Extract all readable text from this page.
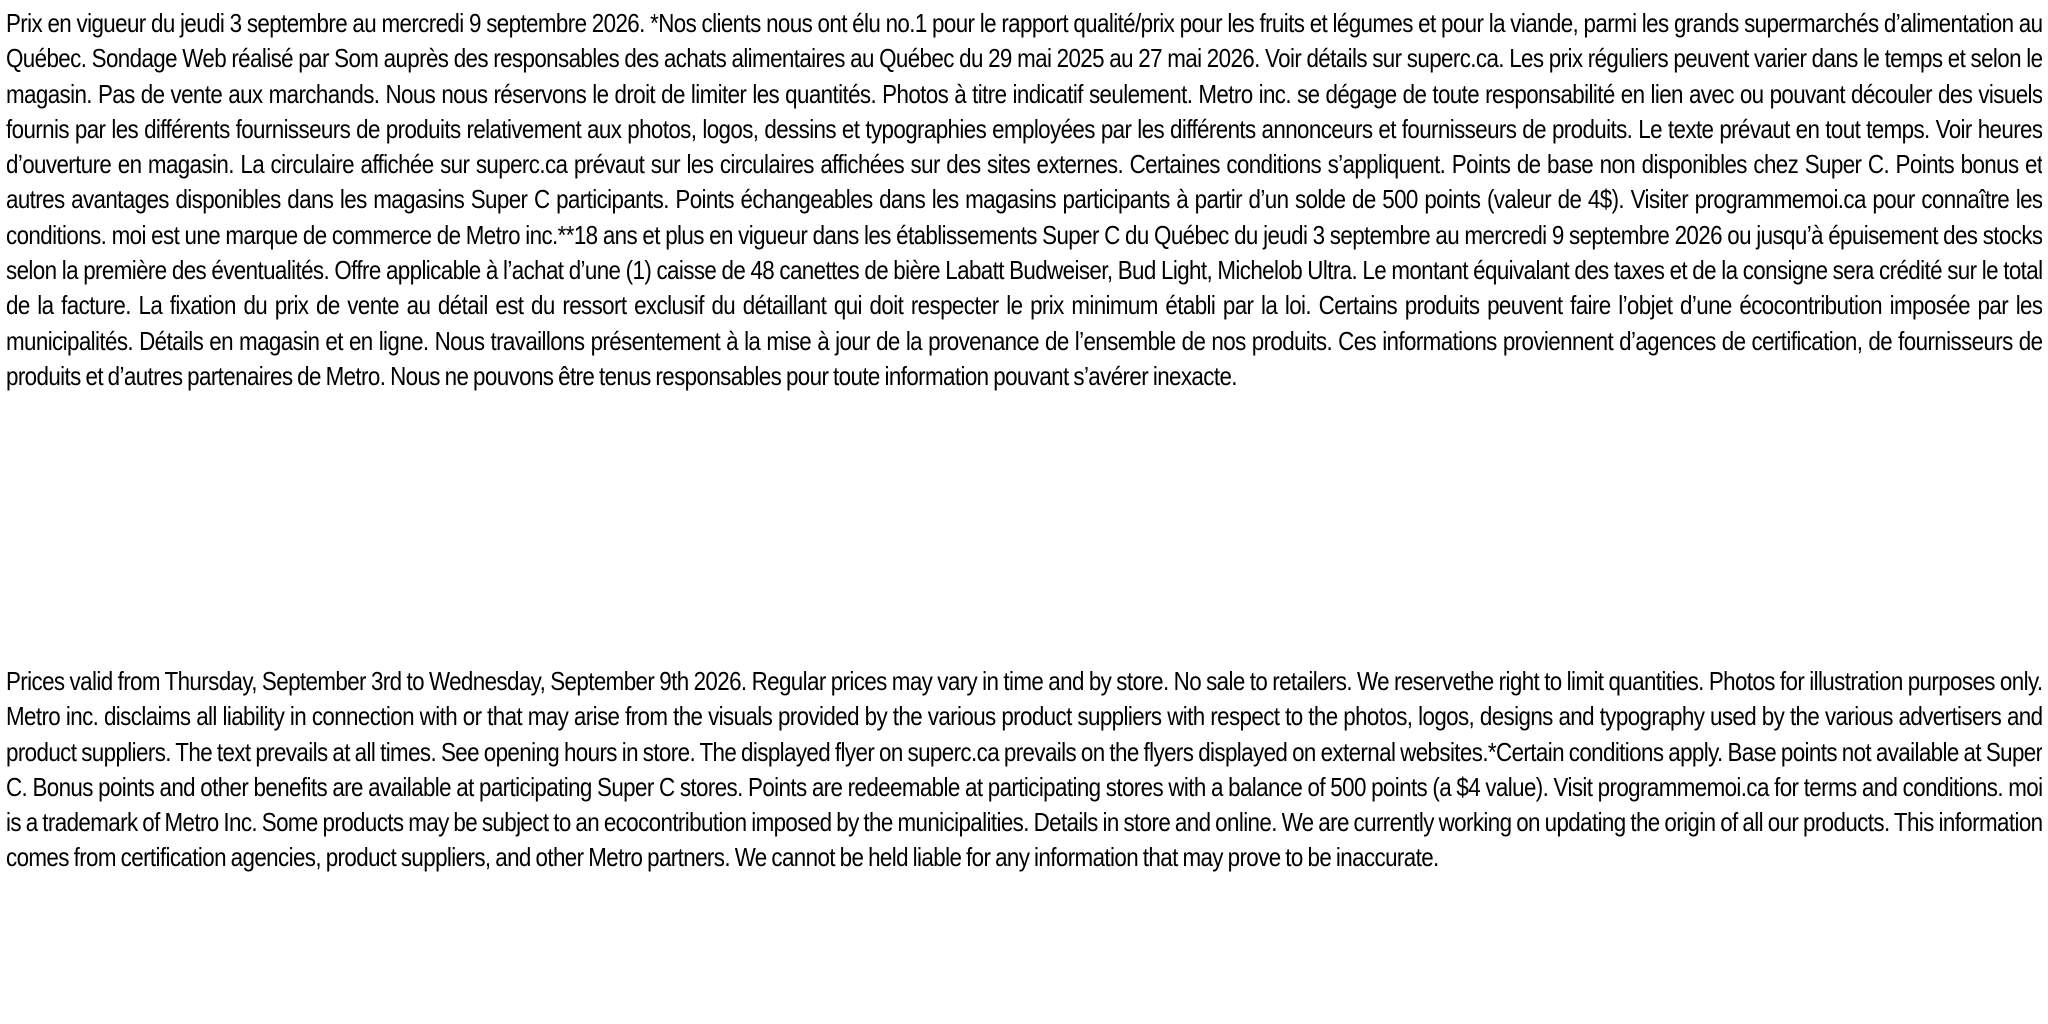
Prix en vigueur du jeudi 3 septembre au mercredi 9 septembre 2026. *Nos clients nous ont élu no.1 pour le rapport qualité/prix pour les fruits et légumes et pour la viande, parmi les grands supermarchés d’alimentation au Québec. Sondage Web réalisé par Som auprès des responsables des achats alimentaires au Québec du 29 mai 2025 au 27 mai 2026. Voir détails sur superc.ca. Les prix réguliers peuvent varier dans le temps et selon le magasin. Pas de vente aux marchands. Nous nous réservons le droit de limiter les quantités. Photos à titre indicatif seulement. Metro inc. se dégage de toute responsabilité en lien avec ou pouvant découler des visuels fournis par les différents fournisseurs de produits relativement aux photos, logos, dessins et typographies employées par les différents annonceurs et fournisseurs de produits. Le texte prévaut en tout temps. Voir heures d’ouverture en magasin. La circulaire affichée sur superc.ca prévaut sur les circulaires affichées sur des sites externes. Certaines conditions s’appliquent. Points de base non disponibles chez Super C. Points bonus et autres avantages disponibles dans les magasins Super C participants. Points échangeables dans les magasins participants à partir d’un solde de 500 points (valeur de 4$). Visiter programmemoi.ca pour connaître les conditions. moi est une marque de commerce de Metro inc.**18 ans et plus en vigueur dans les établissements Super C du Québec du jeudi 3 septembre au mercredi 9 septembre 2026 ou jusqu’à épuisement des stocks selon la première des éventualités. Offre applicable à l’achat d’une (1) caisse de 48 canettes de bière Labatt Budweiser, Bud Light, Michelob Ultra. Le montant équivalant des taxes et de la consigne sera crédité sur le total de la facture. La fixation du prix de vente au détail est du ressort exclusif du détaillant qui doit respecter le prix minimum établi par la loi. Certains produits peuvent faire l’objet d’une écocontribution imposée par les municipalités. Détails en magasin et en ligne. Nous travaillons présentement à la mise à jour de la provenance de l’ensemble de nos produits. Ces informations proviennent d’agences de certification, de fournisseurs de produits et d’autres partenaires de Metro. Nous ne pouvons être tenus responsables pour toute information pouvant s’avérer inexacte.

Prices valid from Thursday, September 3rd to Wednesday, September 9th 2026. Regular prices may vary in time and by store. No sale to retailers. We reservethe right to limit quantities. Photos for illustration purposes only. Metro inc. disclaims all liability in connection with or that may arise from the visuals provided by the various product suppliers with respect to the photos, logos, designs and typography used by the various advertisers and product suppliers. The text prevails at all times. See opening hours in store. The displayed flyer on superc.ca prevails on the flyers displayed on external websites.*Certain conditions apply. Base points not available at Super C. Bonus points and other benefits are available at participating Super C stores. Points are redeemable at participating stores with a balance of 500 points (a $4 value). Visit programmemoi.ca for terms and conditions. moi is a trademark of Metro Inc. Some products may be subject to an ecocontribution imposed by the municipalities. Details in store and online. We are currently working on updating the origin of all our products. This information comes from certification agencies, product suppliers, and other Metro partners. We cannot be held liable for any information that may prove to be inaccurate.
